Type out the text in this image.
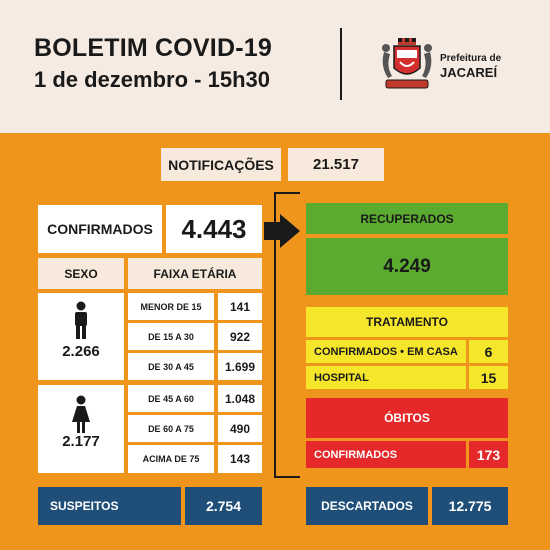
BOLETIM COVID-19
1 de dezembro - 15h30
Prefeitura de
JACAREÍ
NOTIFICAÇÕES	21.517
CONFIRMADOS	4.443
SEXO	FAIXA ETÁRIA
2.266
2.177
MENOR DE 15	141
DE 15 A 30	922
DE 30 A 45	1.699
DE 45 A 60	1.048
DE 60 A 75	490
ACIMA DE 75	143
RECUPERADOS
4.249
TRATAMENTO
CONFIRMADOS • EM CASA	6
HOSPITAL	15
ÓBITOS
CONFIRMADOS	173
SUSPEITOS	2.754	DESCARTADOS	12.775
